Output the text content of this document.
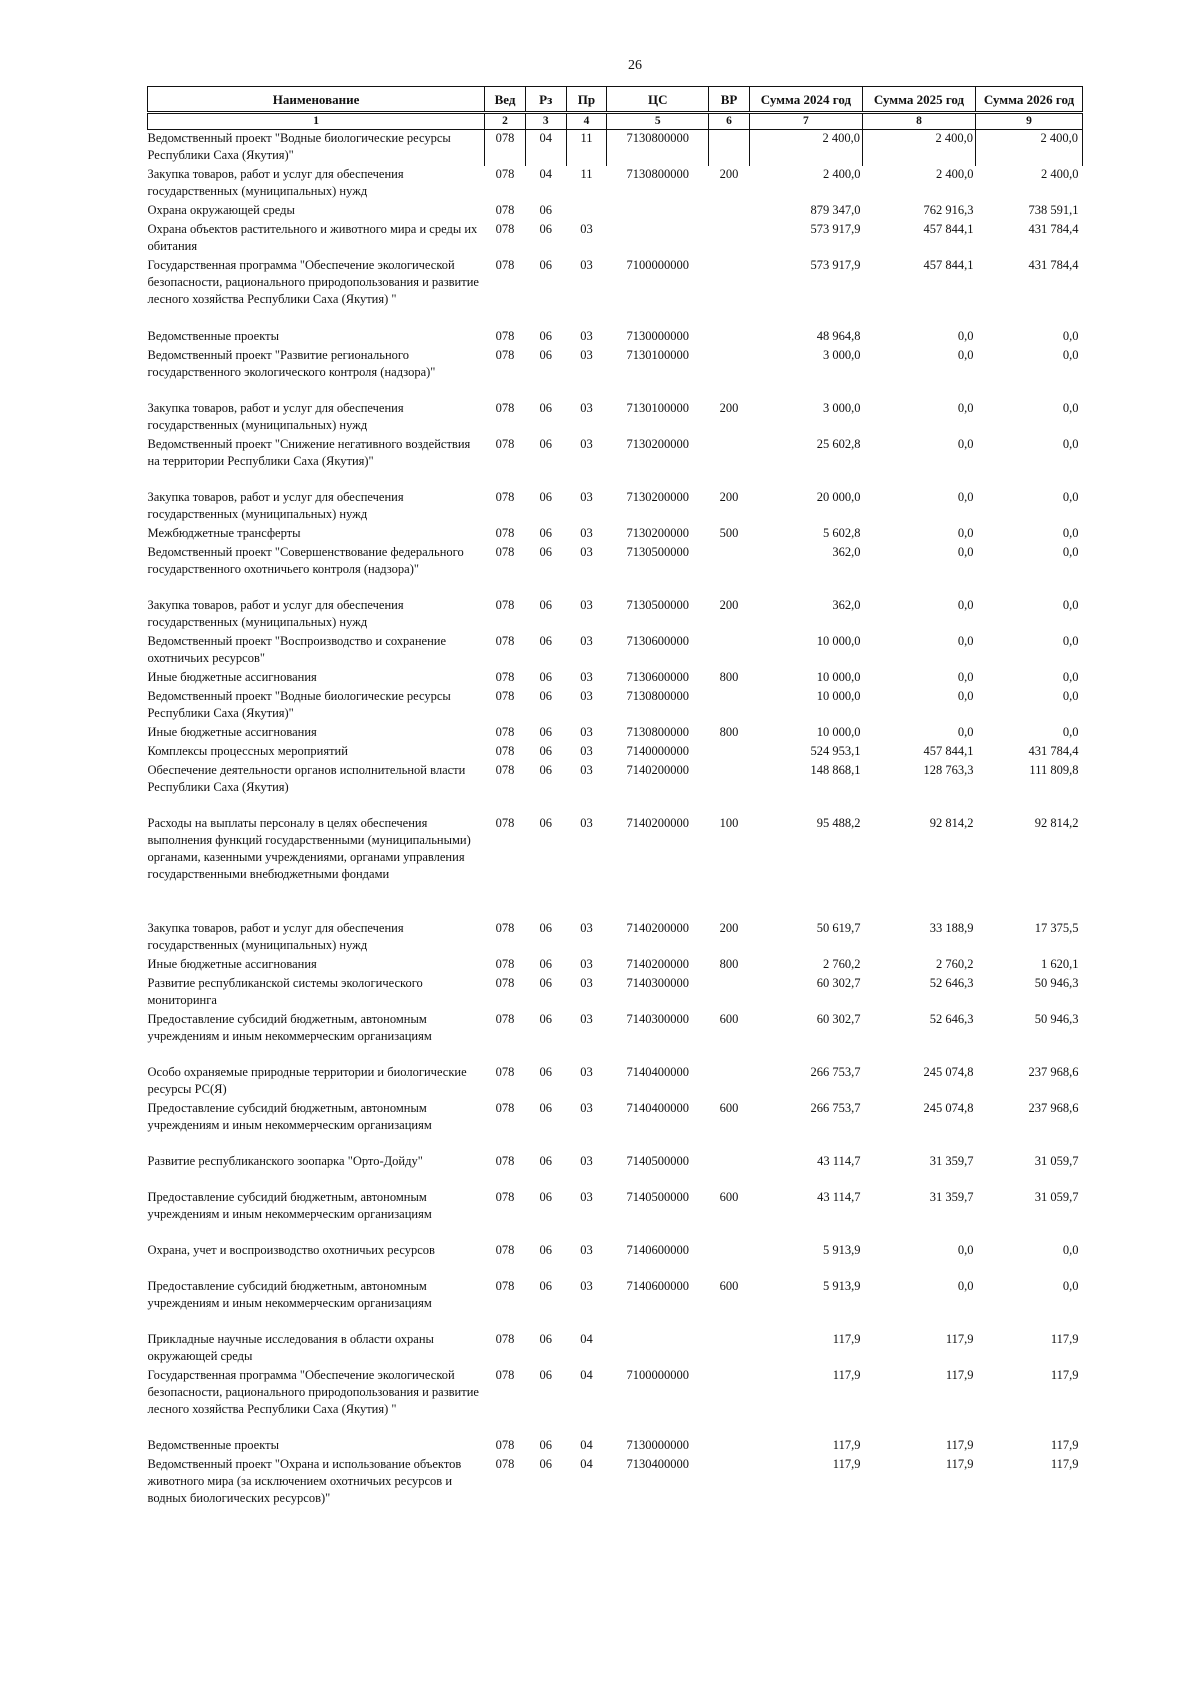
26
Наименование	Вед	Рз	Пр	ЦС	ВР	Сумма 2024 год	Сумма 2025 год	Сумма 2026 год
1	2	3	4	5	6	7	8	9
Ведомственный проект "Водные биологические ресурсы Республики Саха (Якутия)"	078	04	11	7130800000		2 400,0	2 400,0	2 400,0
Закупка товаров, работ и услуг для обеспечения государственных (муниципальных) нужд	078	04	11	7130800000	200	2 400,0	2 400,0	2 400,0
Охрана окружающей среды	078	06				879 347,0	762 916,3	738 591,1
Охрана объектов растительного и животного мира и среды их обитания	078	06	03			573 917,9	457 844,1	431 784,4
Государственная программа "Обеспечение экологической безопасности, рационального природопользования и развитие лесного хозяйства Республики Саха (Якутия) "	078	06	03	7100000000		573 917,9	457 844,1	431 784,4
Ведомственные проекты	078	06	03	7130000000		48 964,8	0,0	0,0
Ведомственный проект "Развитие регионального государственного экологического контроля (надзора)"	078	06	03	7130100000		3 000,0	0,0	0,0
Закупка товаров, работ и услуг для обеспечения государственных (муниципальных) нужд	078	06	03	7130100000	200	3 000,0	0,0	0,0
Ведомственный проект "Снижение негативного воздействия на территории Республики Саха (Якутия)"	078	06	03	7130200000		25 602,8	0,0	0,0
Закупка товаров, работ и услуг для обеспечения государственных (муниципальных) нужд	078	06	03	7130200000	200	20 000,0	0,0	0,0
Межбюджетные трансферты	078	06	03	7130200000	500	5 602,8	0,0	0,0
Ведомственный проект "Совершенствование федерального государственного охотничьего контроля (надзора)"	078	06	03	7130500000		362,0	0,0	0,0
Закупка товаров, работ и услуг для обеспечения государственных (муниципальных) нужд	078	06	03	7130500000	200	362,0	0,0	0,0
Ведомственный проект "Воспроизводство и сохранение охотничьих ресурсов"	078	06	03	7130600000		10 000,0	0,0	0,0
Иные бюджетные ассигнования	078	06	03	7130600000	800	10 000,0	0,0	0,0
Ведомственный проект "Водные биологические ресурсы Республики Саха (Якутия)"	078	06	03	7130800000		10 000,0	0,0	0,0
Иные бюджетные ассигнования	078	06	03	7130800000	800	10 000,0	0,0	0,0
Комплексы процессных мероприятий	078	06	03	7140000000		524 953,1	457 844,1	431 784,4
Обеспечение деятельности органов исполнительной власти Республики Саха (Якутия)	078	06	03	7140200000		148 868,1	128 763,3	111 809,8
Расходы на выплаты персоналу в целях обеспечения выполнения функций государственными (муниципальными) органами, казенными учреждениями, органами управления государственными внебюджетными фондами	078	06	03	7140200000	100	95 488,2	92 814,2	92 814,2
Закупка товаров, работ и услуг для обеспечения государственных (муниципальных) нужд	078	06	03	7140200000	200	50 619,7	33 188,9	17 375,5
Иные бюджетные ассигнования	078	06	03	7140200000	800	2 760,2	2 760,2	1 620,1
Развитие республиканской системы экологического мониторинга	078	06	03	7140300000		60 302,7	52 646,3	50 946,3
Предоставление субсидий бюджетным, автономным учреждениям и иным некоммерческим организациям	078	06	03	7140300000	600	60 302,7	52 646,3	50 946,3
Особо охраняемые природные территории и биологические ресурсы РС(Я)	078	06	03	7140400000		266 753,7	245 074,8	237 968,6
Предоставление субсидий бюджетным, автономным учреждениям и иным некоммерческим организациям	078	06	03	7140400000	600	266 753,7	245 074,8	237 968,6
Развитие республиканского зоопарка "Орто-Дойду"	078	06	03	7140500000		43 114,7	31 359,7	31 059,7
Предоставление субсидий бюджетным, автономным учреждениям и иным некоммерческим организациям	078	06	03	7140500000	600	43 114,7	31 359,7	31 059,7
Охрана, учет и воспроизводство охотничьих ресурсов	078	06	03	7140600000		5 913,9	0,0	0,0
Предоставление субсидий бюджетным, автономным учреждениям и иным некоммерческим организациям	078	06	03	7140600000	600	5 913,9	0,0	0,0
Прикладные научные исследования в области охраны окружающей среды	078	06	04			117,9	117,9	117,9
Государственная программа "Обеспечение экологической безопасности, рационального природопользования и развитие лесного хозяйства Республики Саха (Якутия) "	078	06	04	7100000000		117,9	117,9	117,9
Ведомственные проекты	078	06	04	7130000000		117,9	117,9	117,9
Ведомственный проект "Охрана и использование объектов животного мира (за исключением охотничьих ресурсов и водных биологических ресурсов)"	078	06	04	7130400000		117,9	117,9	117,9
